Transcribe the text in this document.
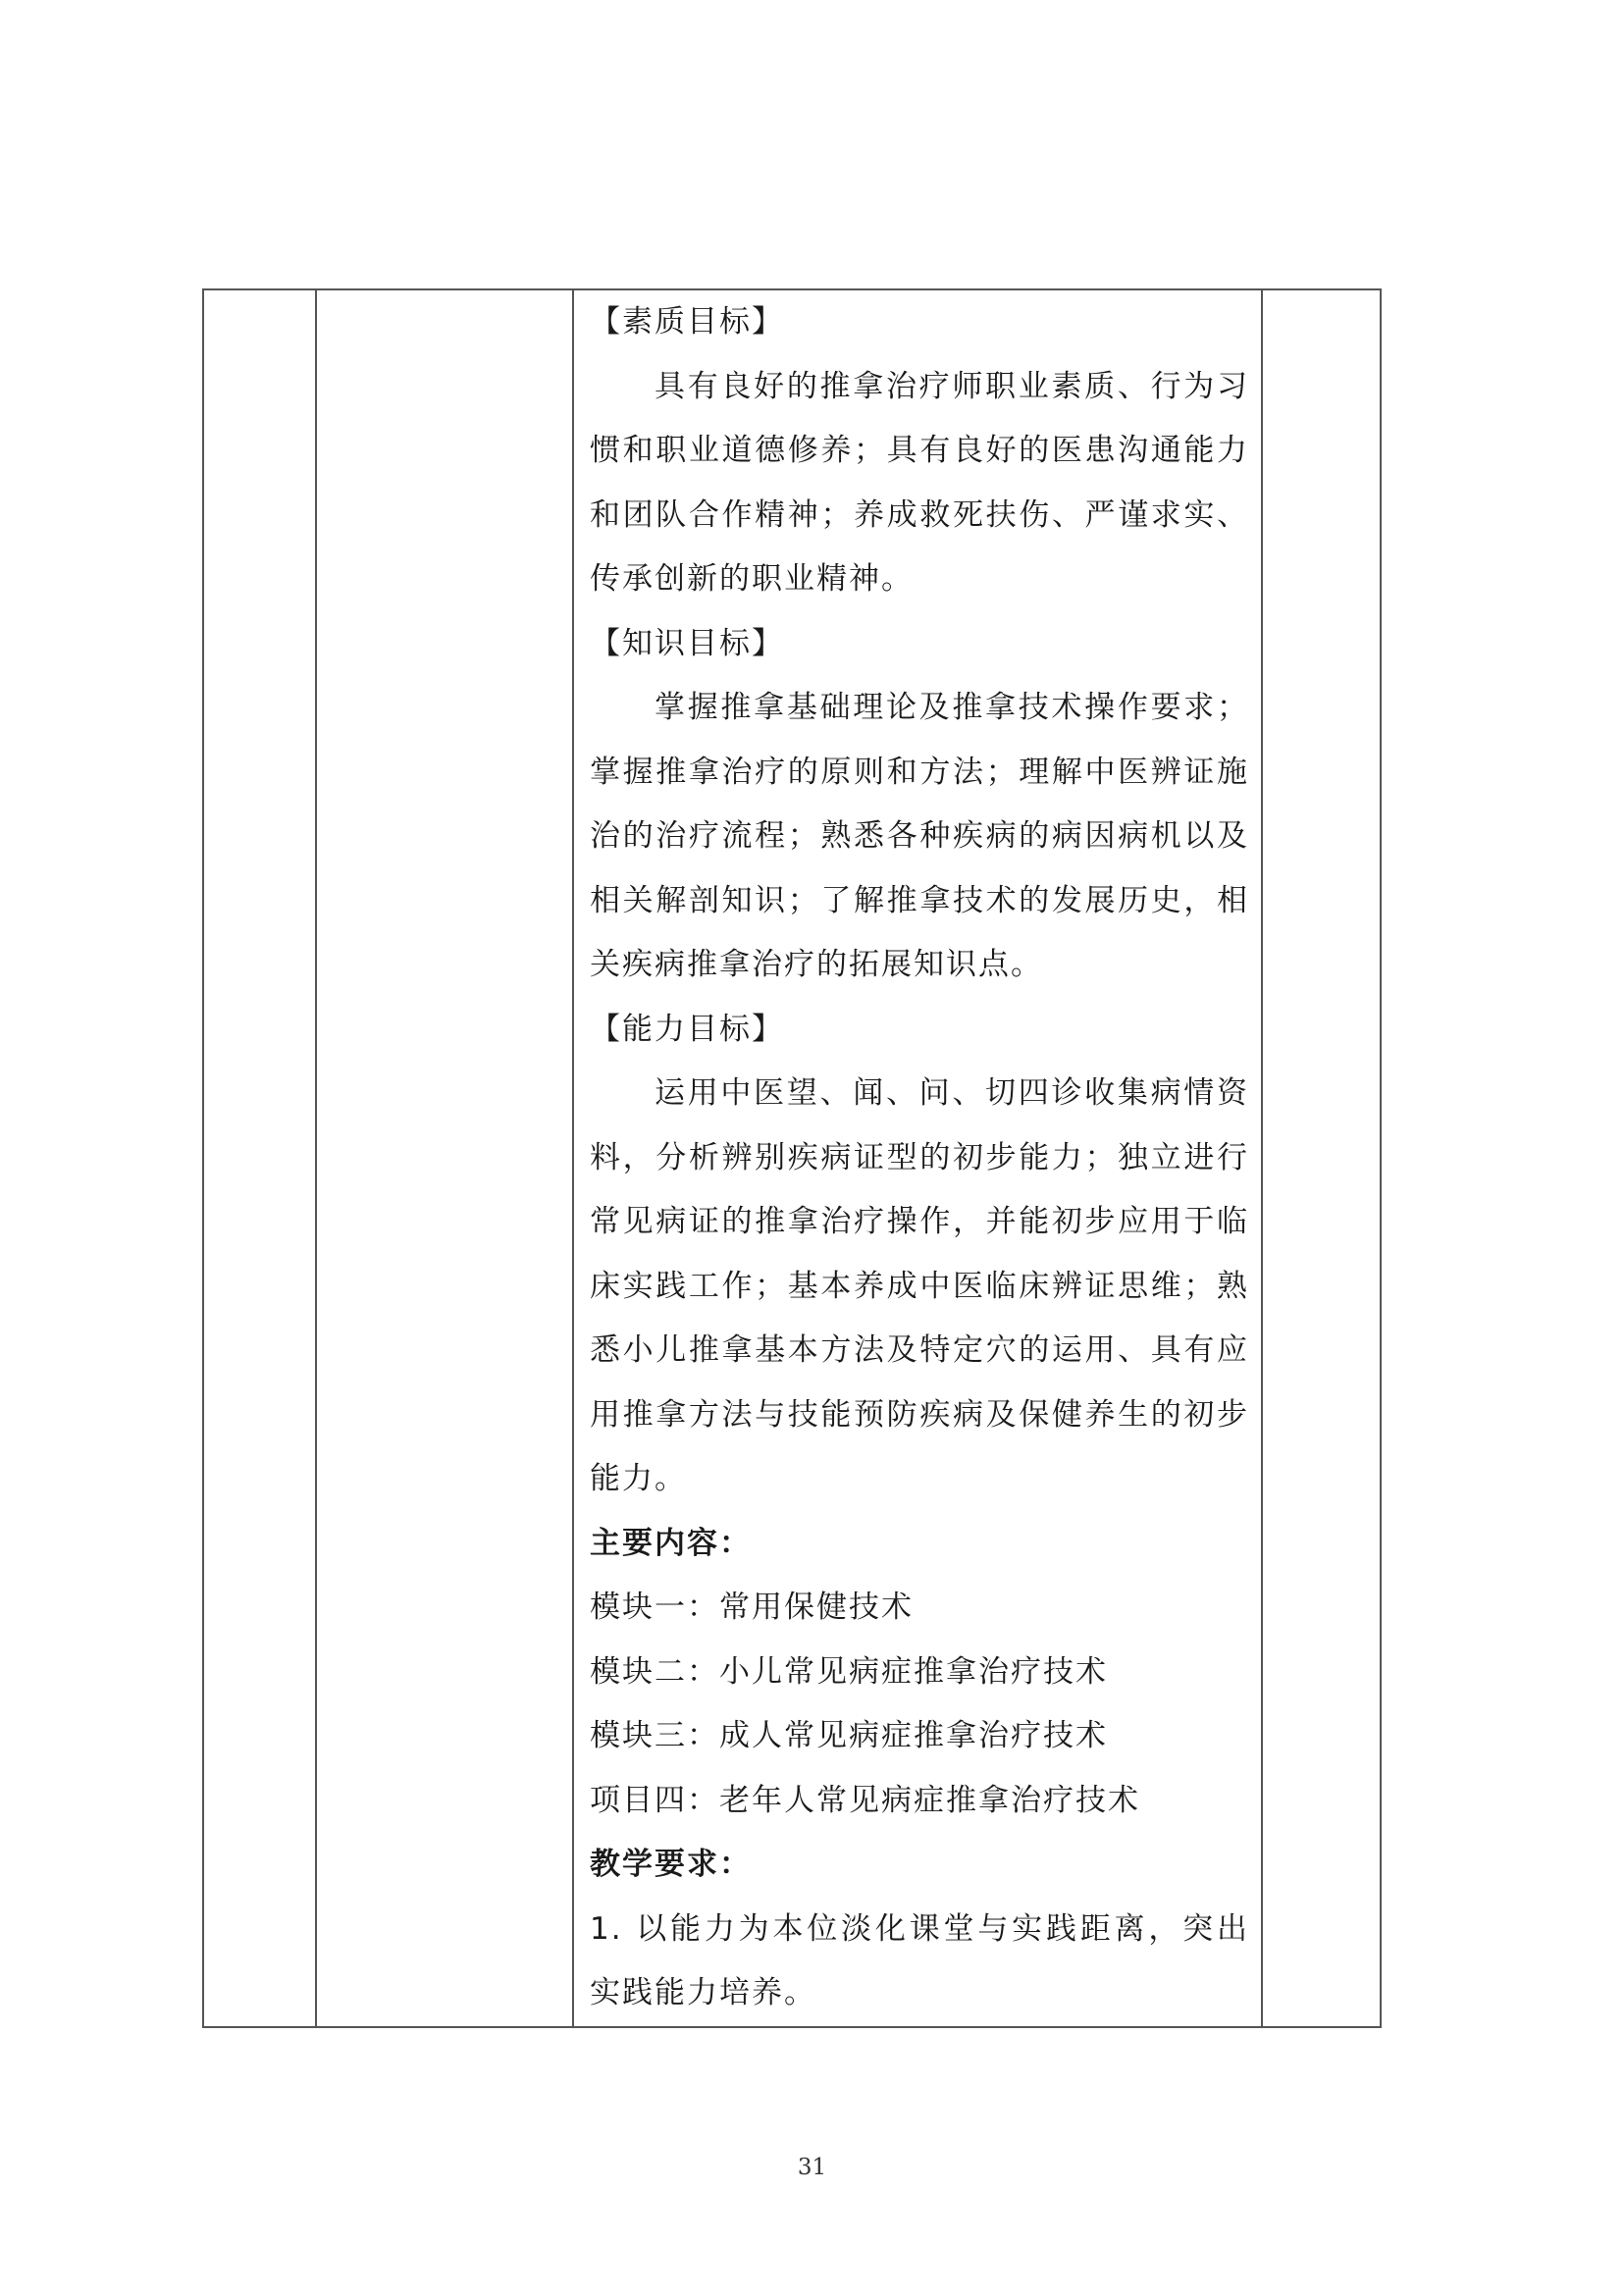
【素质目标】
具有良好的推拿治疗师职业素质、行为习惯和职业道德修养；具有良好的医患沟通能力和团队合作精神；养成救死扶伤、严谨求实、传承创新的职业精神。
【知识目标】
掌握推拿基础理论及推拿技术操作要求；掌握推拿治疗的原则和方法；理解中医辨证施治的治疗流程；熟悉各种疾病的病因病机以及相关解剖知识；了解推拿技术的发展历史，相关疾病推拿治疗的拓展知识点。
【能力目标】
运用中医望、闻、问、切四诊收集病情资料，分析辨别疾病证型的初步能力；独立进行常见病证的推拿治疗操作，并能初步应用于临床实践工作；基本养成中医临床辨证思维；熟悉小儿推拿基本方法及特定穴的运用、具有应用推拿方法与技能预防疾病及保健养生的初步能力。
主要内容：
模块一：常用保健技术
模块二：小儿常见病症推拿治疗技术
模块三：成人常见病症推拿治疗技术
项目四：老年人常见病症推拿治疗技术
教学要求：
1. 以能力为本位淡化课堂与实践距离，突出实践能力培养。

31
